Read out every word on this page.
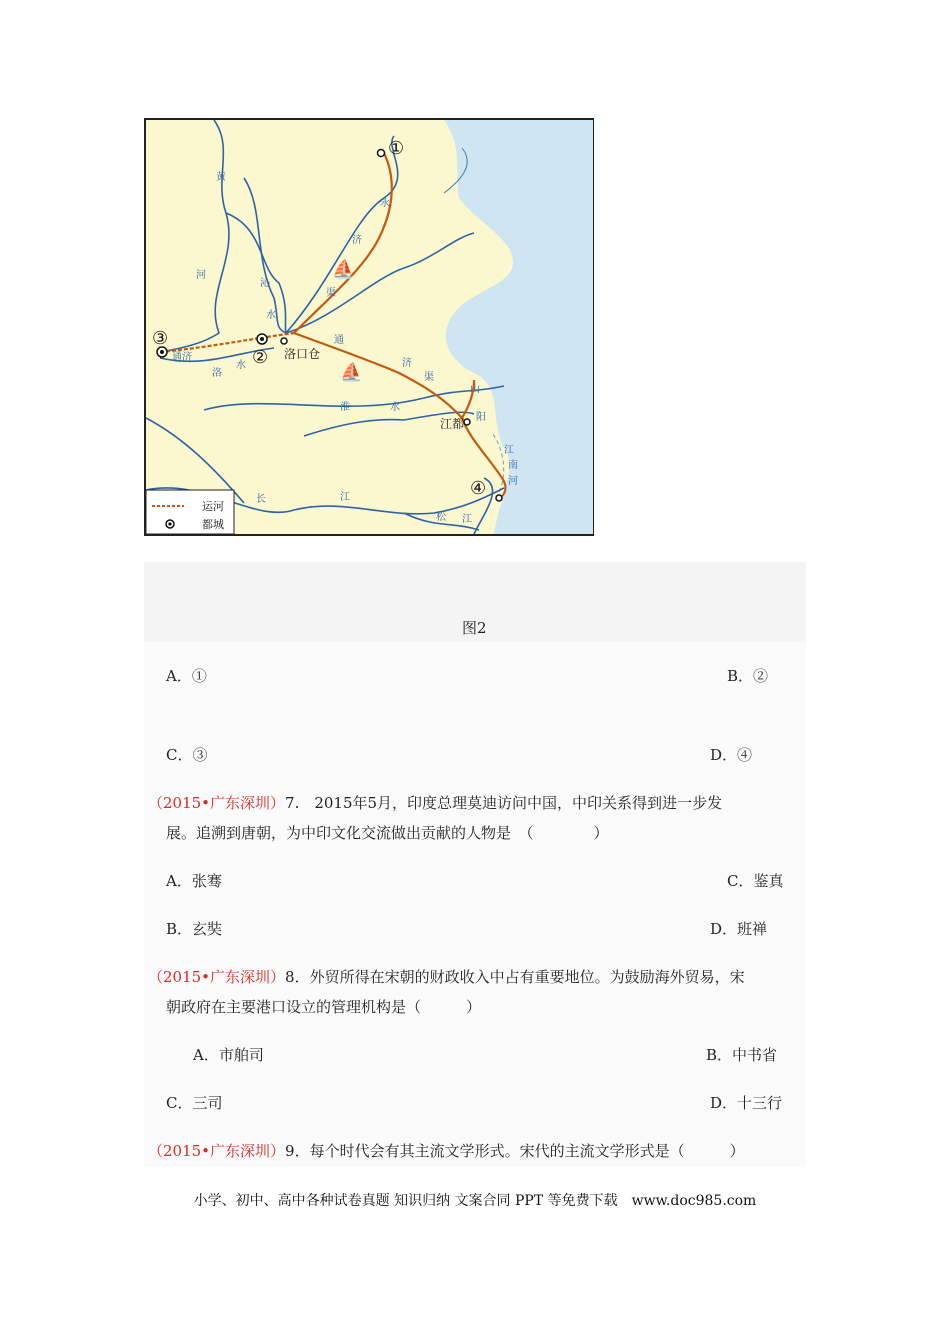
⛵
⛵
①
②
③
④
洛口仓
江都
黄
河
永
济
渠
沁
水
通
通济
洛
水	济
渠
山
阳
淮	水
江
南
河
长	江
松 江
运河
都城
图2
A．①	B．②
C．③	D．④
（2015•广东深圳）7.　2015年5月，印度总理莫迪访问中国，中印关系得到进一步发
展。追溯到唐朝，为中印文化交流做出贡献的人物是　（　　　　）
A．张骞	C．鉴真
B．玄奘	D．班禅
（2015•广东深圳）8．外贸所得在宋朝的财政收入中占有重要地位。为鼓励海外贸易，宋
朝政府在主要港口设立的管理机构是（　　　）
A．市舶司	B．中书省
C．三司	D．十三行
（2015•广东深圳）9．每个时代会有其主流文学形式。宋代的主流文学形式是（　　　）
小学、初中、高中各种试卷真题 知识归纳 文案合同 PPT 等免费下载　www.doc985.com
